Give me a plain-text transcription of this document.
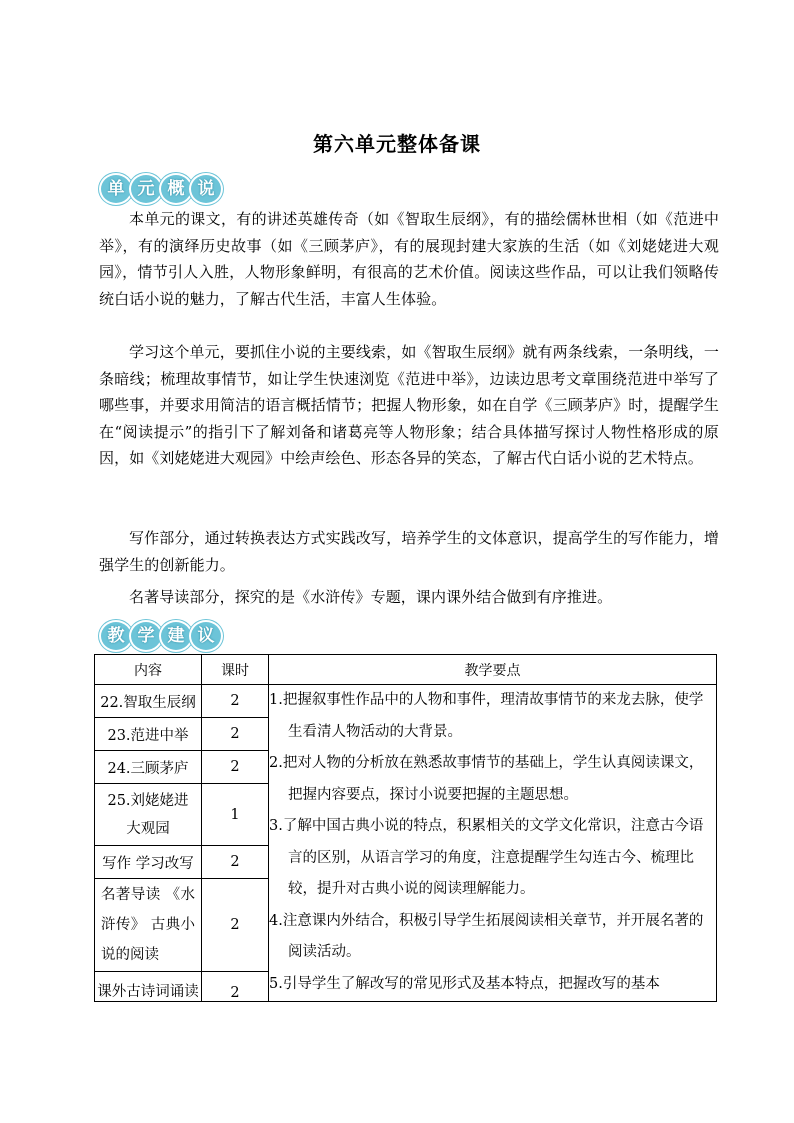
第六单元整体备课
单 元 概 说

本单元的课文，有的讲述英雄传奇（如《智取生辰纲》，有的描绘儒林世相（如《范进中举》，有的演绎历史故事（如《三顾茅庐》，有的展现封建大家族的生活（如《刘姥姥进大观园》，情节引人入胜，人物形象鲜明，有很高的艺术价值。阅读这些作品，可以让我们领略传统白话小说的魅力，了解古代生活，丰富人生体验。

学习这个单元，要抓住小说的主要线索，如《智取生辰纲》就有两条线索，一条明线，一条暗线；梳理故事情节，如让学生快速浏览《范进中举》，边读边思考文章围绕范进中举写了哪些事，并要求用简洁的语言概括情节；把握人物形象，如在自学《三顾茅庐》时，提醒学生在“阅读提示”的指引下了解刘备和诸葛亮等人物形象；结合具体描写探讨人物性格形成的原因，如《刘姥姥进大观园》中绘声绘色、形态各异的笑态，了解古代白话小说的艺术特点。

写作部分，通过转换表达方式实践改写，培养学生的文体意识，提高学生的写作能力，增强学生的创新能力。

名著导读部分，探究的是《水浒传》专题，课内课外结合做到有序推进。

教 学 建 议
内容	课时	教学要点
22.智取生辰纲	2	1.把握叙事性作品中的人物和事件，理清故事情节的来龙去脉，使学生看清人物活动的大背景。

2.把对人物的分析放在熟悉故事情节的基础上，学生认真阅读课文，把握内容要点，探讨小说要把握的主题思想。

3.了解中国古典小说的特点，积累相关的文学文化常识，注意古今语言的区别，从语言学习的角度，注意提醒学生勾连古今、梳理比较，提升对古典小说的阅读理解能力。

4.注意课内外结合，积极引导学生拓展阅读相关章节，并开展名著的阅读活动。

5.引导学生了解改写的常见形式及基本特点，把握改写的基本

23.范进中举	2	
24.三顾茅庐	2	

25.刘姥姥进大观园	1	
写作 学习改写	2	

名著导读 《水浒传》 古典小说的阅读	2	
课外古诗词诵读	2	
